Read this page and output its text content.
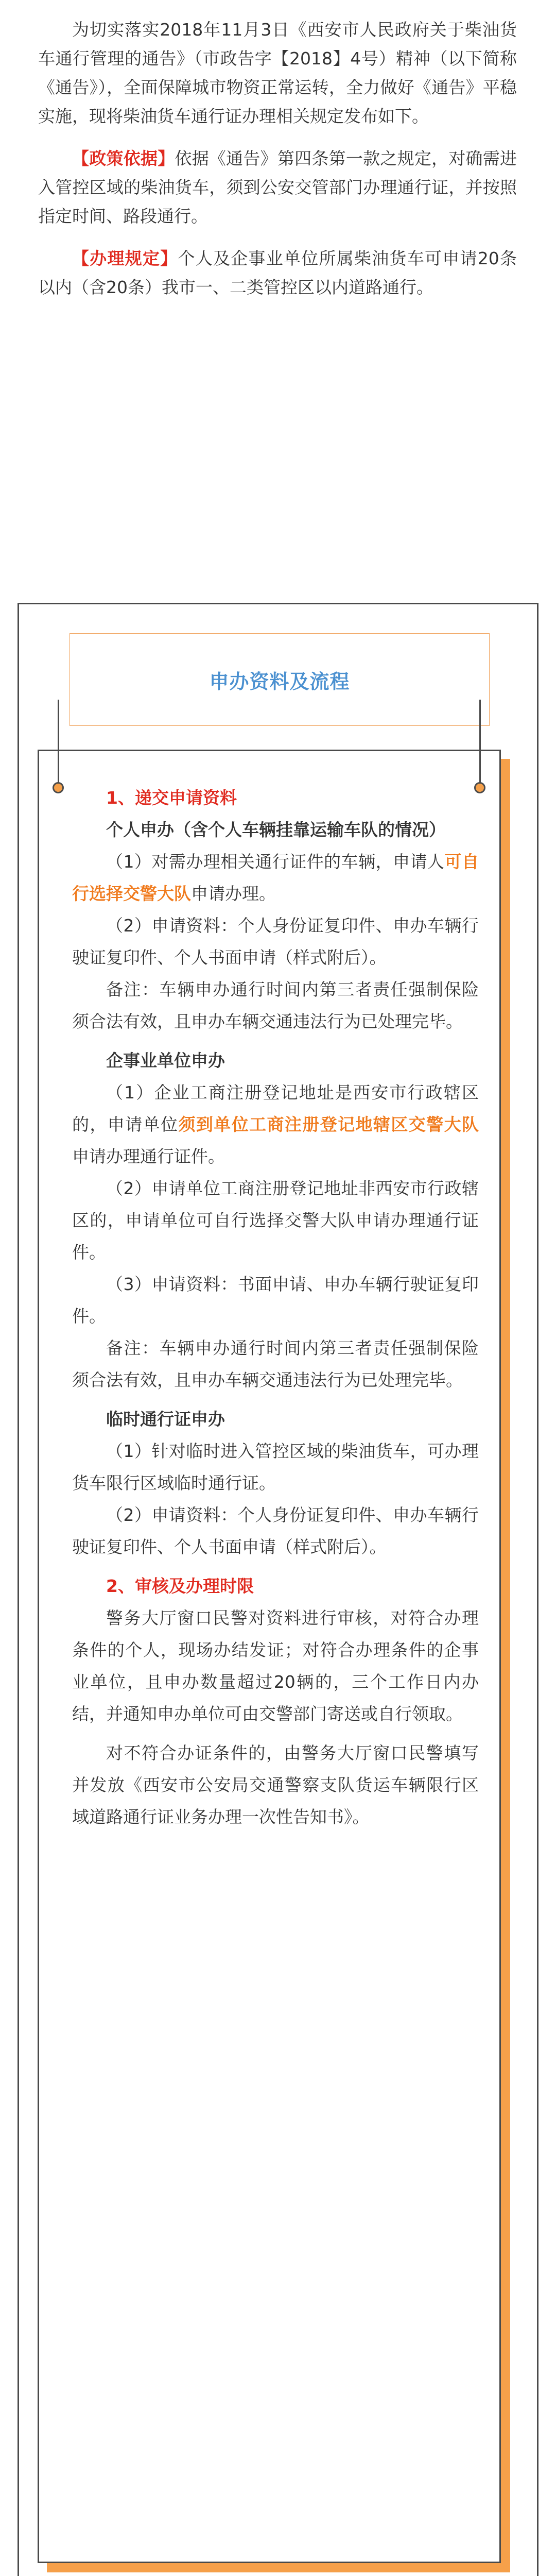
为切实落实2018年11月3日《西安市人民政府关于柴油货车通行管理的通告》（市政告字【2018】4号）精神（以下简称《通告》），全面保障城市物资正常运转，全力做好《通告》平稳实施，现将柴油货车通行证办理相关规定发布如下。

【政策依据】依据《通告》第四条第一款之规定，对确需进入管控区域的柴油货车，须到公安交管部门办理通行证，并按照指定时间、路段通行。

【办理规定】个人及企事业单位所属柴油货车可申请20条以内（含20条）我市一、二类管控区以内道路通行。

申办资料及流程

1、递交申请资料

个人申办（含个人车辆挂靠运输车队的情况）

（1）对需办理相关通行证件的车辆，申请人可自行选择交警大队申请办理。

（2）申请资料：个人身份证复印件、申办车辆行驶证复印件、个人书面申请（样式附后）。

备注：车辆申办通行时间内第三者责任强制保险须合法有效，且申办车辆交通违法行为已处理完毕。

企事业单位申办

（1）企业工商注册登记地址是西安市行政辖区的，申请单位须到单位工商注册登记地辖区交警大队申请办理通行证件。

（2）申请单位工商注册登记地址非西安市行政辖区的，申请单位可自行选择交警大队申请办理通行证件。

（3）申请资料：书面申请、申办车辆行驶证复印件。

备注：车辆申办通行时间内第三者责任强制保险须合法有效，且申办车辆交通违法行为已处理完毕。

临时通行证申办

（1）针对临时进入管控区域的柴油货车，可办理货车限行区域临时通行证。

（2）申请资料：个人身份证复印件、申办车辆行驶证复印件、个人书面申请（样式附后）。

2、审核及办理时限

警务大厅窗口民警对资料进行审核，对符合办理条件的个人，现场办结发证；对符合办理条件的企事业单位，且申办数量超过20辆的，三个工作日内办结，并通知申办单位可由交警部门寄送或自行领取。

对不符合办证条件的，由警务大厅窗口民警填写并发放《西安市公安局交通警察支队货运车辆限行区域道路通行证业务办理一次性告知书》。
